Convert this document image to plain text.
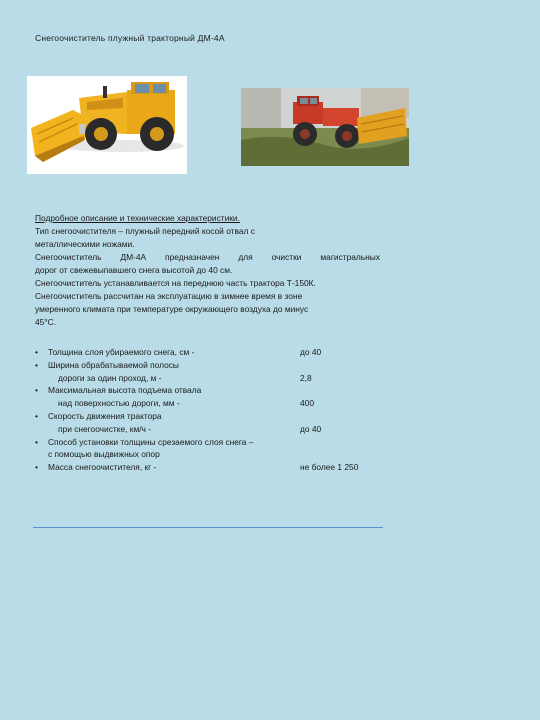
Снегоочиститель плужный тракторный ДМ-4А

Подробное описание и технические характеристики.

Тип снегоочистителя – плужный передний косой отвал с

металлическими ножами.

Снегоочиститель ДМ-4А предназначен для очистки магистральных

дорог от свежевыпавшего снега высотой до 40 см.

Снегоочиститель устанавливается на переднюю часть трактора Т-150К.

Снегоочиститель рассчитан на эксплуатацию в зимнее время в зоне

умеренного климата при температуре окружающего воздуха до минус

45°С.

• Толщина слоя убираемого снега, см -	до 40
• Ширина обрабатываемой полосы
дороги за один проход, м -	2,8
• Максимальная высота подъема отвала
над поверхностью дороги, мм -	400
• Скорость движения трактора
при снегоочистке, км/ч -	до 40
• Способ установки толщины срезаемого слоя снега –
с помощью выдвижных опор
• Масса снегоочистителя, кг -	не более 1 250
